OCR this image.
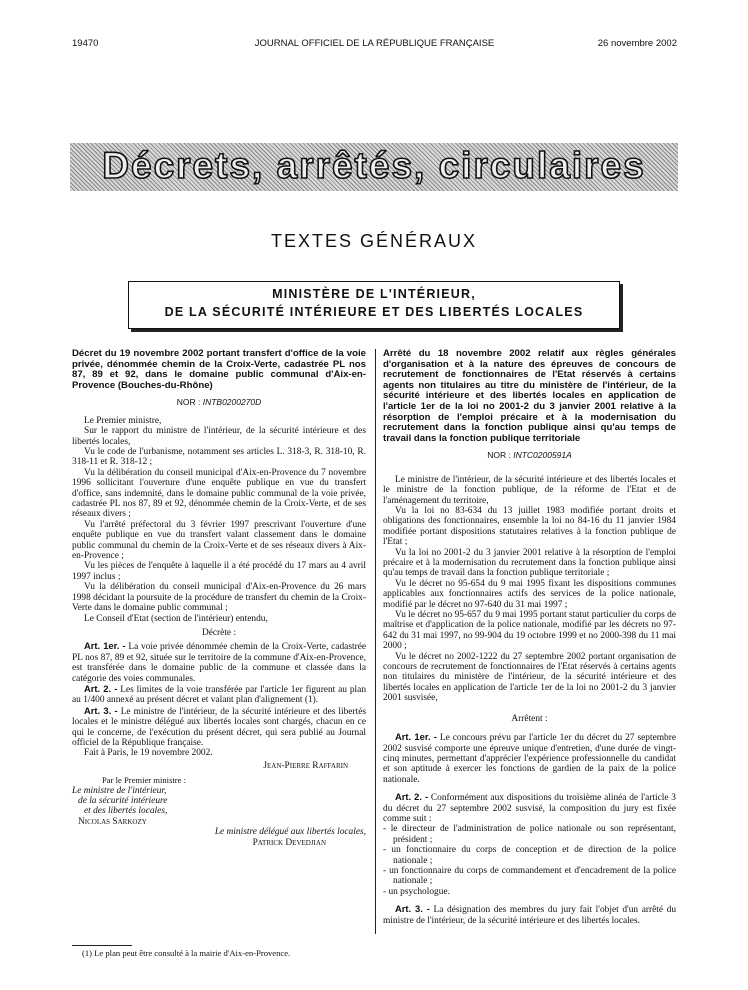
19470	JOURNAL OFFICIEL DE LA RÉPUBLIQUE FRANÇAISE	26 novembre 2002
Décrets, arrêtés, circulaires
TEXTES GÉNÉRAUX
MINISTÈRE DE L'INTÉRIEUR,
DE LA SÉCURITÉ INTÉRIEURE ET DES LIBERTÉS LOCALES

Décret du 19 novembre 2002 portant transfert d'office de la voie privée, dénommée chemin de la Croix-Verte, cadastrée PL nos 87, 89 et 92, dans le domaine public communal d'Aix-en-Provence (Bouches-du-Rhône)

NOR : INTB0200270D

Le Premier ministre,

Sur le rapport du ministre de l'intérieur, de la sécurité intérieure et des libertés locales,

Vu le code de l'urbanisme, notamment ses articles L. 318-3, R. 318-10, R. 318-11 et R. 318-12 ;

Vu la délibération du conseil municipal d'Aix-en-Provence du 7 novembre 1996 sollicitant l'ouverture d'une enquête publique en vue du transfert d'office, sans indemnité, dans le domaine public communal de la voie privée, cadastrée PL nos 87, 89 et 92, dénommée chemin de la Croix-Verte, et de ses réseaux divers ;

Vu l'arrêté préfectoral du 3 février 1997 prescrivant l'ouverture d'une enquête publique en vue du transfert valant classement dans le domaine public communal du chemin de la Croix-Verte et de ses réseaux divers à Aix-en-Provence ;

Vu les pièces de l'enquête à laquelle il a été procédé du 17 mars au 4 avril 1997 inclus ;

Vu la délibération du conseil municipal d'Aix-en-Provence du 26 mars 1998 décidant la poursuite de la procédure de transfert du chemin de la Croix-Verte dans le domaine public communal ;

Le Conseil d'Etat (section de l'intérieur) entendu,

Décrète :

Art. 1er. - La voie privée dénommée chemin de la Croix-Verte, cadastrée PL nos 87, 89 et 92, située sur le territoire de la commune d'Aix-en-Provence, est transférée dans le domaine public de la commune et classée dans la catégorie des voies communales.

Art. 2. - Les limites de la voie transférée par l'article 1er figurent au plan au 1/400 annexé au présent décret et valant plan d'alignement (1).

Art. 3. - Le ministre de l'intérieur, de la sécurité intérieure et des libertés locales et le ministre délégué aux libertés locales sont chargés, chacun en ce qui le concerne, de l'exécution du présent décret, qui sera publié au Journal officiel de la République française.

Fait à Paris, le 19 novembre 2002.

Jean-Pierre Raffarin

Par le Premier ministre :
Le ministre de l'intérieur,
de la sécurité intérieure
et des libertés locales,
Nicolas Sarkozy
Le ministre délégué aux libertés locales,
Patrick Devedjian

Arrêté du 18 novembre 2002 relatif aux règles générales d'organisation et à la nature des épreuves de concours de recrutement de fonctionnaires de l'Etat réservés à certains agents non titulaires au titre du ministère de l'intérieur, de la sécurité intérieure et des libertés locales en application de l'article 1er de la loi no 2001-2 du 3 janvier 2001 relative à la résorption de l'emploi précaire et à la modernisation du recrutement dans la fonction publique ainsi qu'au temps de travail dans la fonction publique territoriale

NOR : INTC0200591A

Le ministre de l'intérieur, de la sécurité intérieure et des libertés locales et le ministre de la fonction publique, de la réforme de l'Etat et de l'aménagement du territoire,

Vu la loi no 83-634 du 13 juillet 1983 modifiée portant droits et obligations des fonctionnaires, ensemble la loi no 84-16 du 11 janvier 1984 modifiée portant dispositions statutaires relatives à la fonction publique de l'Etat ;

Vu la loi no 2001-2 du 3 janvier 2001 relative à la résorption de l'emploi précaire et à la modernisation du recrutement dans la fonction publique ainsi qu'au temps de travail dans la fonction publique territoriale ;

Vu le décret no 95-654 du 9 mai 1995 fixant les dispositions communes applicables aux fonctionnaires actifs des services de la police nationale, modifié par le décret no 97-640 du 31 mai 1997 ;

Vu le décret no 95-657 du 9 mai 1995 portant statut particulier du corps de maîtrise et d'application de la police nationale, modifié par les décrets no 97-642 du 31 mai 1997, no 99-904 du 19 octobre 1999 et no 2000-398 du 11 mai 2000 ;

Vu le décret no 2002-1222 du 27 septembre 2002 portant organisation de concours de recrutement de fonctionnaires de l'Etat réservés à certains agents non titulaires du ministère de l'intérieur, de la sécurité intérieure et des libertés locales en application de l'article 1er de la loi no 2001-2 du 3 janvier 2001 susvisée,

Arrêtent :

Art. 1er. - Le concours prévu par l'article 1er du décret du 27 septembre 2002 susvisé comporte une épreuve unique d'entretien, d'une durée de vingt-cinq minutes, permettant d'apprécier l'expérience professionnelle du candidat et son aptitude à exercer les fonctions de gardien de la paix de la police nationale.

Art. 2. - Conformément aux dispositions du troisième alinéa de l'article 3 du décret du 27 septembre 2002 susvisé, la composition du jury est fixée comme suit :

- le directeur de l'administration de police nationale ou son représentant, président ;
- un fonctionnaire du corps de conception et de direction de la police nationale ;
- un fonctionnaire du corps de commandement et d'encadrement de la police nationale ;
- un psychologue.

Art. 3. - La désignation des membres du jury fait l'objet d'un arrêté du ministre de l'intérieur, de la sécurité intérieure et des libertés locales.

(1) Le plan peut être consulté à la mairie d'Aix-en-Provence.
